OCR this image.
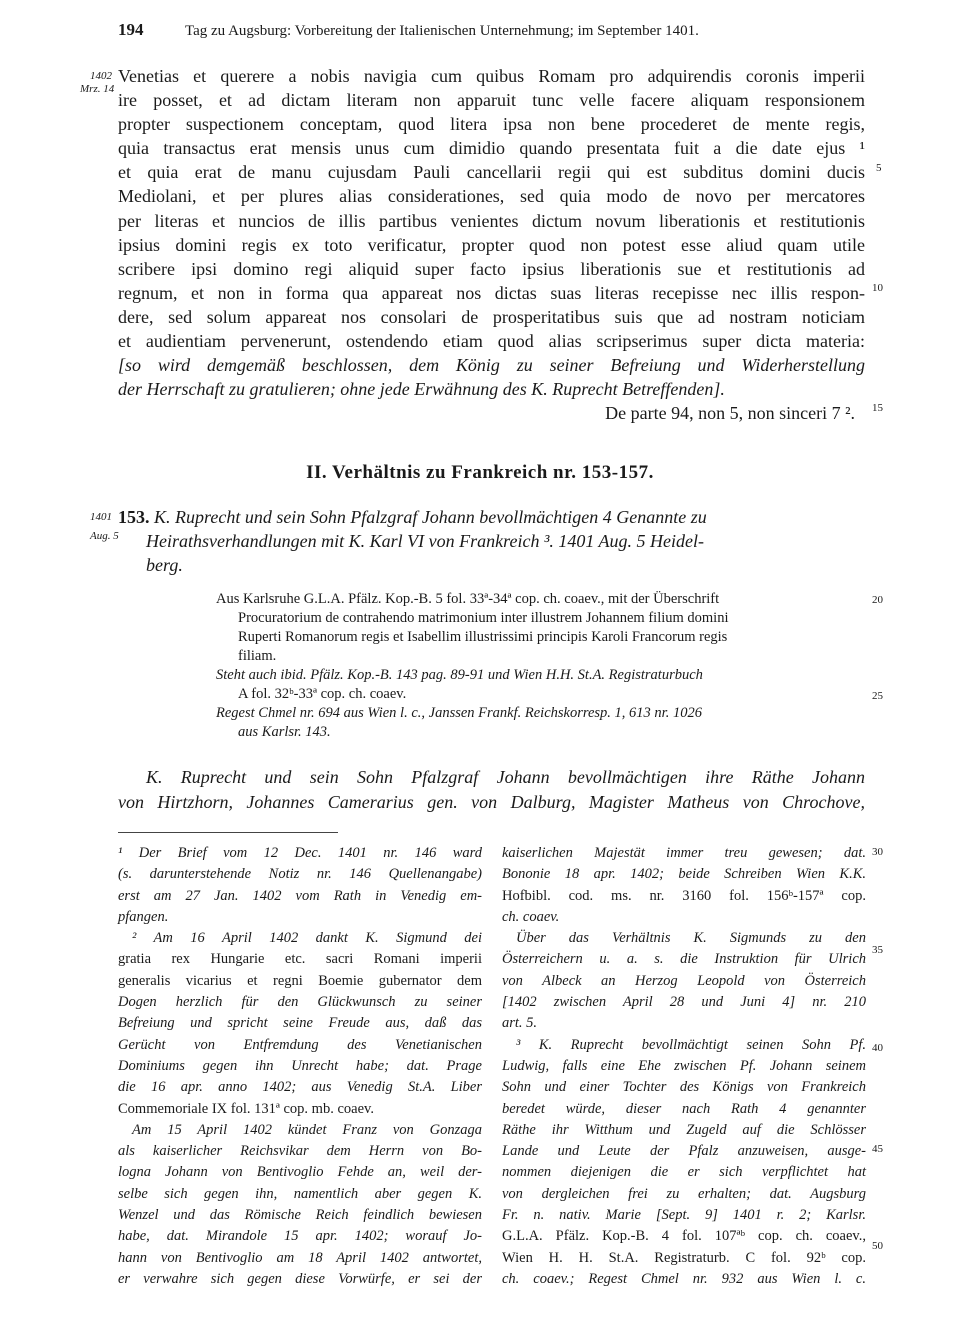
194	Tag zu Augsburg: Vorbereitung der Italienischen Unternehmung; im September 1401.
1402
Mrz. 14
1401
Aug. 5
5
10
15
20
25
30
35
40
45
50
Venetias et querere a nobis navigia cum quibus Romam pro adquirendis coronis imperii
ire posset, et ad dictam literam non apparuit tunc velle facere aliquam responsionem
propter suspectionem conceptam, quod litera ipsa non bene procederet de mente regis,
quia transactus erat mensis unus cum dimidio quando presentata fuit a die date ejus ¹
et quia erat de manu cujusdam Pauli cancellarii regii qui est subditus domini ducis
Mediolani, et per plures alias considerationes, sed quia modo de novo per mercatores
per literas et nuncios de illis partibus venientes dictum novum liberationis et restitutionis
ipsius domini regis ex toto verificatur, propter quod non potest esse aliud quam utile
scribere ipsi domino regi aliquid super facto ipsius liberationis sue et restitutionis ad
regnum, et non in forma qua appareat nos dictas suas literas recepisse nec illis respon-
dere, sed solum appareat nos consolari de prosperitatibus suis que ad nostram noticiam
et audientiam pervenerunt, ostendendo etiam quod alias scripserimus super dicta materia:
[so wird demgemäß beschlossen, dem König zu seiner Befreiung und Widerherstellung
der Herrschaft zu gratulieren; ohne jede Erwähnung des K. Ruprecht Betreffenden].
De parte 94, non 5, non sinceri 7 ².
II. Verhältnis zu Frankreich nr. 153-157.
153. K. Ruprecht und sein Sohn Pfalzgraf Johann bevollmächtigen 4 Genannte zu
Heirathsverhandlungen mit K. Karl VI von Frankreich ³. 1401 Aug. 5 Heidel-
berg.
Aus Karlsruhe G.L.A. Pfälz. Kop.-B. 5 fol. 33ª-34ª cop. ch. coaev., mit der Überschrift
Procuratorium de contrahendo matrimonium inter illustrem Johannem filium domini
Ruperti Romanorum regis et Isabellim illustrissimi principis Karoli Francorum regis
filiam.
Steht auch ibid. Pfälz. Kop.-B. 143 pag. 89-91 und Wien H.H. St.A. Registraturbuch
A fol. 32ᵇ-33ª cop. ch. coaev.
Regest Chmel nr. 694 aus Wien l. c., Janssen Frankf. Reichskorresp. 1, 613 nr. 1026
aus Karlsr. 143.
K. Ruprecht und sein Sohn Pfalzgraf Johann bevollmächtigen ihre Räthe Johann
von Hirtzhorn, Johannes Camerarius gen. von Dalburg, Magister Matheus von Chrochove,
¹ Der Brief vom 12 Dec. 1401 nr. 146 ward
(s. darunterstehende Notiz nr. 146 Quellenangabe)
erst am 27 Jan. 1402 vom Rath in Venedig em-
pfangen.
² Am 16 April 1402 dankt K. Sigmund dei
gratia rex Hungarie etc. sacri Romani imperii
generalis vicarius et regni Boemie gubernator dem
Dogen herzlich für den Glückwunsch zu seiner
Befreiung und spricht seine Freude aus, daß das
Gerücht von Entfremdung des Venetianischen
Dominiums gegen ihn Unrecht habe; dat. Prage
die 16 apr. anno 1402; aus Venedig St.A. Liber
Commemoriale IX fol. 131ª cop. mb. coaev.
Am 15 April 1402 kündet Franz von Gonzaga
als kaiserlicher Reichsvikar dem Herrn von Bo-
logna Johann von Bentivoglio Fehde an, weil der-
selbe sich gegen ihn, namentlich aber gegen K.
Wenzel und das Römische Reich feindlich bewiesen
habe, dat. Mirandole 15 apr. 1402; worauf Jo-
hann von Bentivoglio am 18 April 1402 antwortet,
er verwahre sich gegen diese Vorwürfe, er sei der
kaiserlichen Majestät immer treu gewesen; dat.
Bononie 18 apr. 1402; beide Schreiben Wien K.K.
Hofbibl. cod. ms. nr. 3160 fol. 156ᵇ-157ª cop.
ch. coaev.
Über das Verhältnis K. Sigmunds zu den
Österreichern u. a. s. die Instruktion für Ulrich
von Albeck an Herzog Leopold von Österreich
[1402 zwischen April 28 und Juni 4] nr. 210
art. 5.
³ K. Ruprecht bevollmächtigt seinen Sohn Pf.
Ludwig, falls eine Ehe zwischen Pf. Johann seinem
Sohn und einer Tochter des Königs von Frankreich
beredet würde, dieser nach Rath 4 genannter
Räthe ihr Witthum und Zugeld auf die Schlösser
Lande und Leute der Pfalz anzuweisen, ausge-
nommen diejenigen die er sich verpflichtet hat
von dergleichen frei zu erhalten; dat. Augsburg
Fr. n. nativ. Marie [Sept. 9] 1401 r. 2; Karlsr.
G.L.A. Pfälz. Kop.-B. 4 fol. 107ªᵇ cop. ch. coaev.,
Wien H. H. St.A. Registraturb. C fol. 92ᵇ cop.
ch. coaev.; Regest Chmel nr. 932 aus Wien l. c.
